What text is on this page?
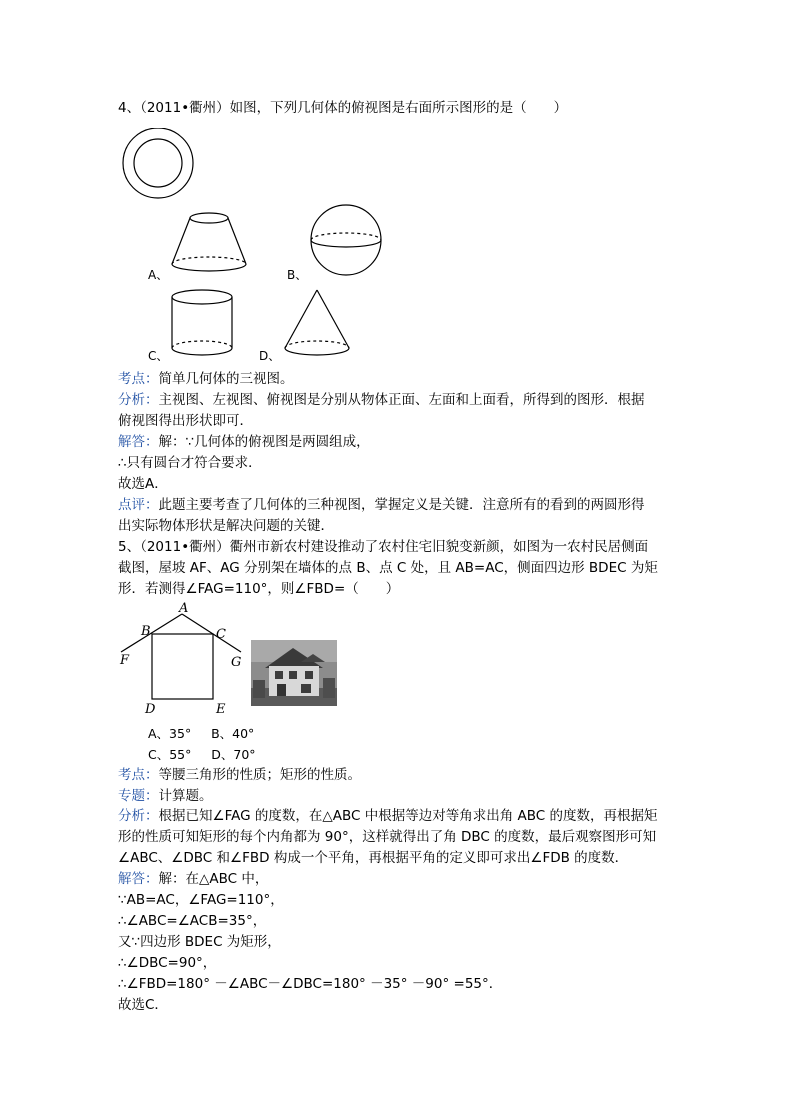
4、（2011•衢州）如图，下列几何体的俯视图是右面所示图形的是（　　）
A、	B、
C、	D、
考点：简单几何体的三视图。
分析：主视图、左视图、俯视图是分别从物体正面、左面和上面看，所得到的图形．根据
俯视图得出形状即可．
解答：解：∵几何体的俯视图是两圆组成，
∴只有圆台才符合要求．
故选A．
点评：此题主要考查了几何体的三种视图，掌握定义是关键．注意所有的看到的两圆形得
出实际物体形状是解决问题的关键．
5、（2011•衢州）衢州市新农村建设推动了农村住宅旧貌变新颜，如图为一农村民居侧面
截图，屋坡 AF、AG 分别架在墙体的点 B、点 C 处，且 AB=AC，侧面四边形 BDEC 为矩
形．若测得∠FAG=110°，则∠FBD=（　　）
A
B	C
F	G
D	E
A、35°     B、40°
C、55°     D、70°
考点：等腰三角形的性质；矩形的性质。
专题：计算题。
分析：根据已知∠FAG 的度数，在△ABC 中根据等边对等角求出角 ABC 的度数，再根据矩
形的性质可知矩形的每个内角都为 90°，这样就得出了角 DBC 的度数，最后观察图形可知
∠ABC、∠DBC 和∠FBD 构成一个平角，再根据平角的定义即可求出∠FDB 的度数．
解答：解：在△ABC 中，
∵AB=AC，∠FAG=110°，
∴∠ABC=∠ACB=35°，
又∵四边形 BDEC 为矩形，
∴∠DBC=90°，
∴∠FBD=180° －∠ABC－∠DBC=180° －35° －90° =55°．
故选C．
